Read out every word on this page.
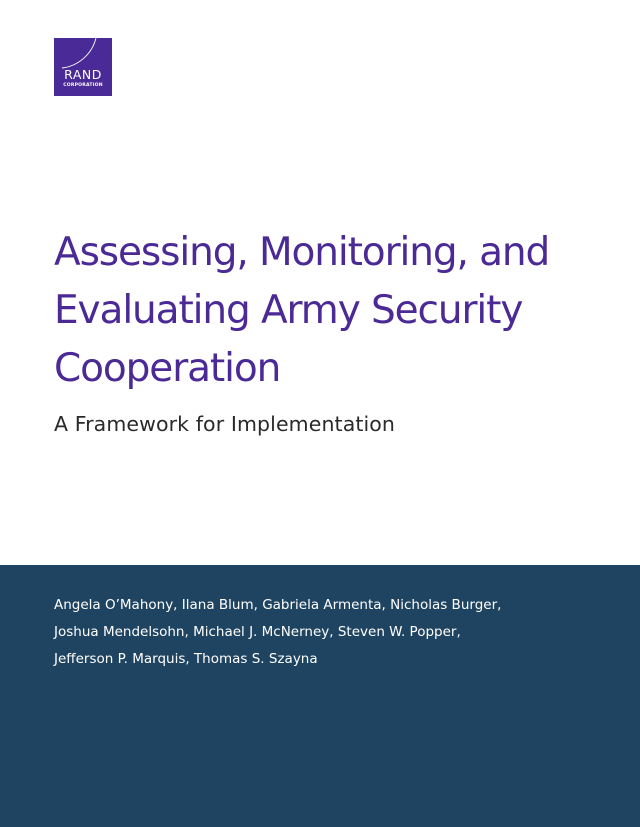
RAND
CORPORATION
Assessing, Monitoring, and
Evaluating Army Security
Cooperation
A Framework for Implementation
Angela O’Mahony, Ilana Blum, Gabriela Armenta, Nicholas Burger,
Joshua Mendelsohn, Michael J. McNerney, Steven W. Popper,
Jefferson P. Marquis, Thomas S. Szayna
